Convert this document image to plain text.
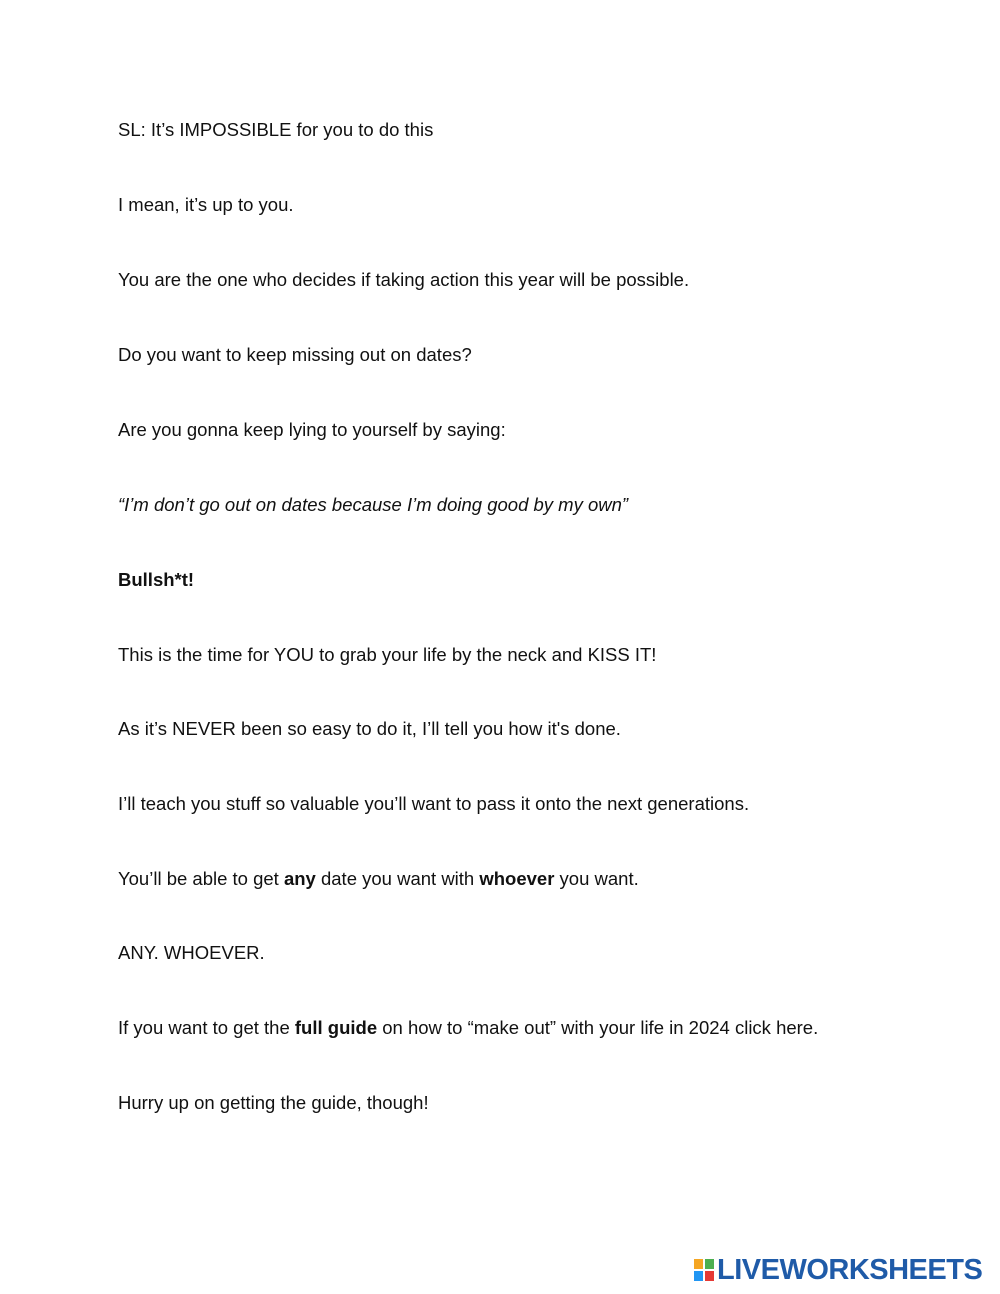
SL: It’s IMPOSSIBLE for you to do this

I mean, it’s up to you.

You are the one who decides if taking action this year will be possible.

Do you want to keep missing out on dates?

Are you gonna keep lying to yourself by saying:

“I’m don’t go out on dates because I’m doing good by my own”

Bullsh*t!

This is the time for YOU to grab your life by the neck and KISS IT!

As it’s NEVER been so easy to do it, I’ll tell you how it's done.

I’ll teach you stuff so valuable you’ll want to pass it onto the next generations.

You’ll be able to get any date you want with whoever you want.

ANY. WHOEVER.

If you want to get the full guide on how to “make out” with your life in 2024 click here.

Hurry up on getting the guide, though!

LIVEWORKSHEETS
